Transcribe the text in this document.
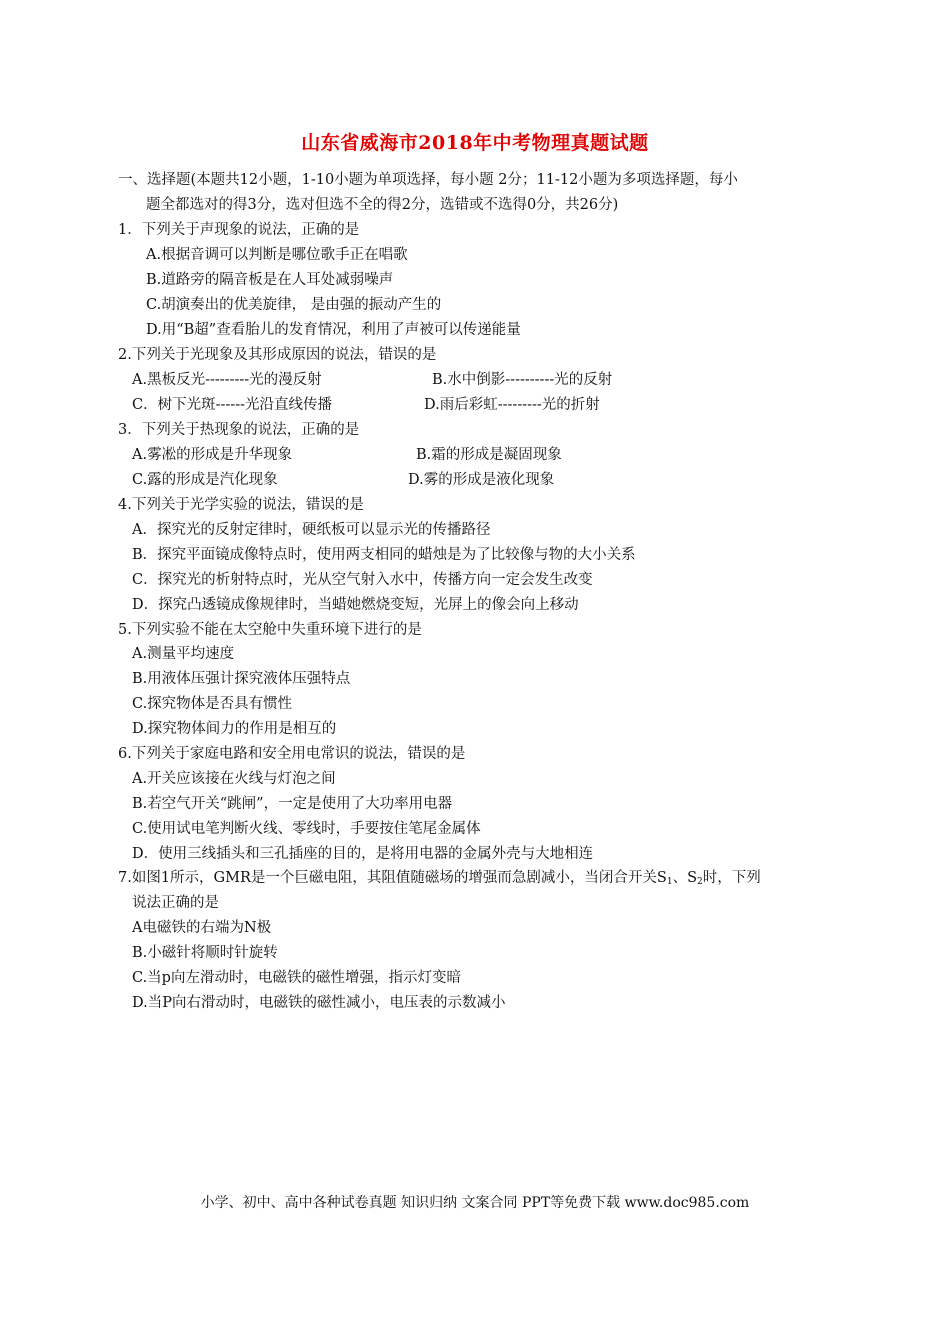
山东省威海市2018年中考物理真题试题
一、选择题(本题共12小题，1-10小题为单项选择，每小题 2分；11-12小题为多项选择题，每小
题全都选对的得3分，选对但选不全的得2分，选错或不选得0分，共26分)
1．下列关于声现象的说法，正确的是
A.根据音调可以判断是哪位歌手正在唱歌
B.道路旁的隔音板是在人耳处减弱噪声
C.胡演奏出的优美旋律， 是由强的振动产生的
D.用“B超”查看胎儿的发育情况，利用了声被可以传递能量
2.下列关于光现象及其形成原因的说法，错误的是
A.黑板反光---------光的漫反射	B.水中倒影----------光的反射
C．树下光斑------光沿直线传播	D.雨后彩虹---------光的折射
3．下列关于热现象的说法，正确的是
A.雾凇的形成是升华现象	B.霜的形成是凝固现象
C.露的形成是汽化现象	D.雾的形成是液化现象
4.下列关于光学实验的说法，错误的是
A．探究光的反射定律时，硬纸板可以显示光的传播路径
B．探究平面镜成像特点时，使用两支相同的蜡烛是为了比较像与物的大小关系
C．探究光的析射特点时，光从空气射入水中，传播方向一定会发生改变
D．探究凸透镜成像规律时，当蜡她燃烧变短，光屏上的像会向上移动
5.下列实验不能在太空舱中失重环境下进行的是
A.测量平均速度
B.用液体压强计探究液体压强特点
C.探究物体是否具有惯性
D.探究物体间力的作用是相互的
6.下列关于家庭电路和安全用电常识的说法，错误的是
A.开关应该接在火线与灯泡之间
B.若空气开关“跳闸”，一定是使用了大功率用电器
C.使用试电笔判断火线、零线时，手要按住笔尾金属体
D．使用三线插头和三孔插座的目的，是将用电器的金属外壳与大地相连
7.如图1所示，GMR是一个巨磁电阻，其阻值随磁场的增强而急剧减小，当闭合开关$S_1$、$S_2$时，下列
说法正确的是
A电磁铁的右端为N极
B.小磁针将顺时针旋转
C.当p向左滑动时，电磁铁的磁性增强，指示灯变暗
D.当P向右滑动时，电磁铁的磁性减小，电压表的示数减小
小学、初中、高中各种试卷真题 知识归纳 文案合同 PPT等免费下载 www.doc985.com
